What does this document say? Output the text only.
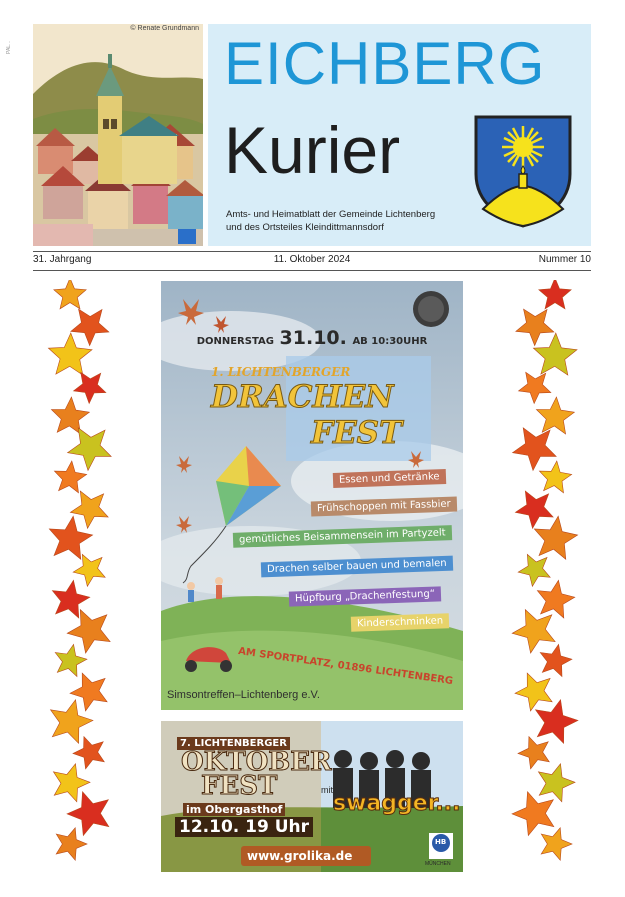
PAL...
© Renate Grundmann
EICHBERG
Kurier
Amts- und Heimatblatt der Gemeinde Lichtenberg
und des Ortsteiles Kleindittmannsdorf
31. Jahrgang	11. Oktober 2024	Nummer 10
DONNERSTAG 31.10. AB 10:30UHR
1. LICHTENBERGER
DRACHEN
FEST
Essen und Getränke
Frühschoppen mit Fassbier
gemütliches Beisammensein im Partyzelt
Drachen selber bauen und bemalen
Hüpfburg „Drachenfestung“
Kinderschminken
AM SPORTPLATZ, 01896 LICHTENBERG
Simsontreffen–Lichtenberg e.V.
7. LICHTENBERGER
OKTOBER
FEST
im Obergasthof
12.10. 19 Uhr
mit
swagger...
www.grolika.de
HB
MÜNCHEN
